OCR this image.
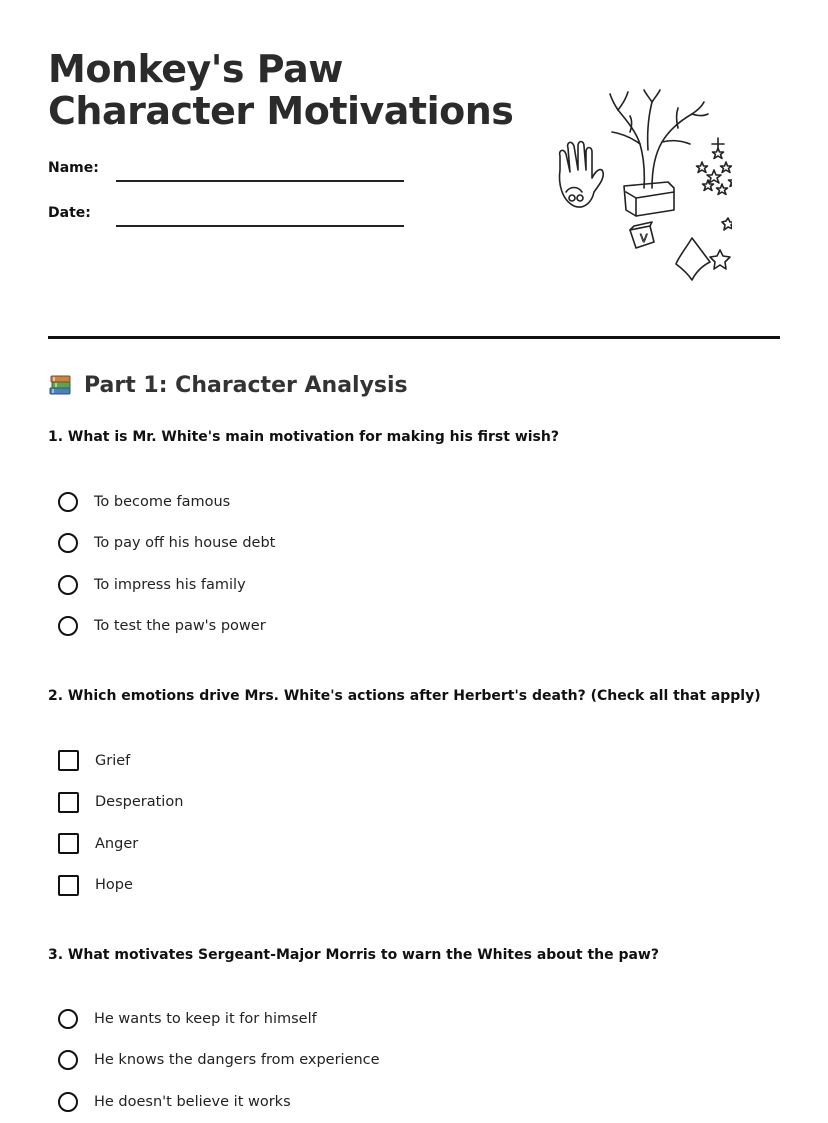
Monkey's Paw Character Motivations
Name:
Date:
V
Part 1: Character Analysis

1. What is Mr. White's main motivation for making his first wish?

To become famous
To pay off his house debt
To impress his family
To test the paw's power

2. Which emotions drive Mrs. White's actions after Herbert's death? (Check all that apply)

Grief
Desperation
Anger
Hope

3. What motivates Sergeant-Major Morris to warn the Whites about the paw?

He wants to keep it for himself
He knows the dangers from experience
He doesn't believe it works
